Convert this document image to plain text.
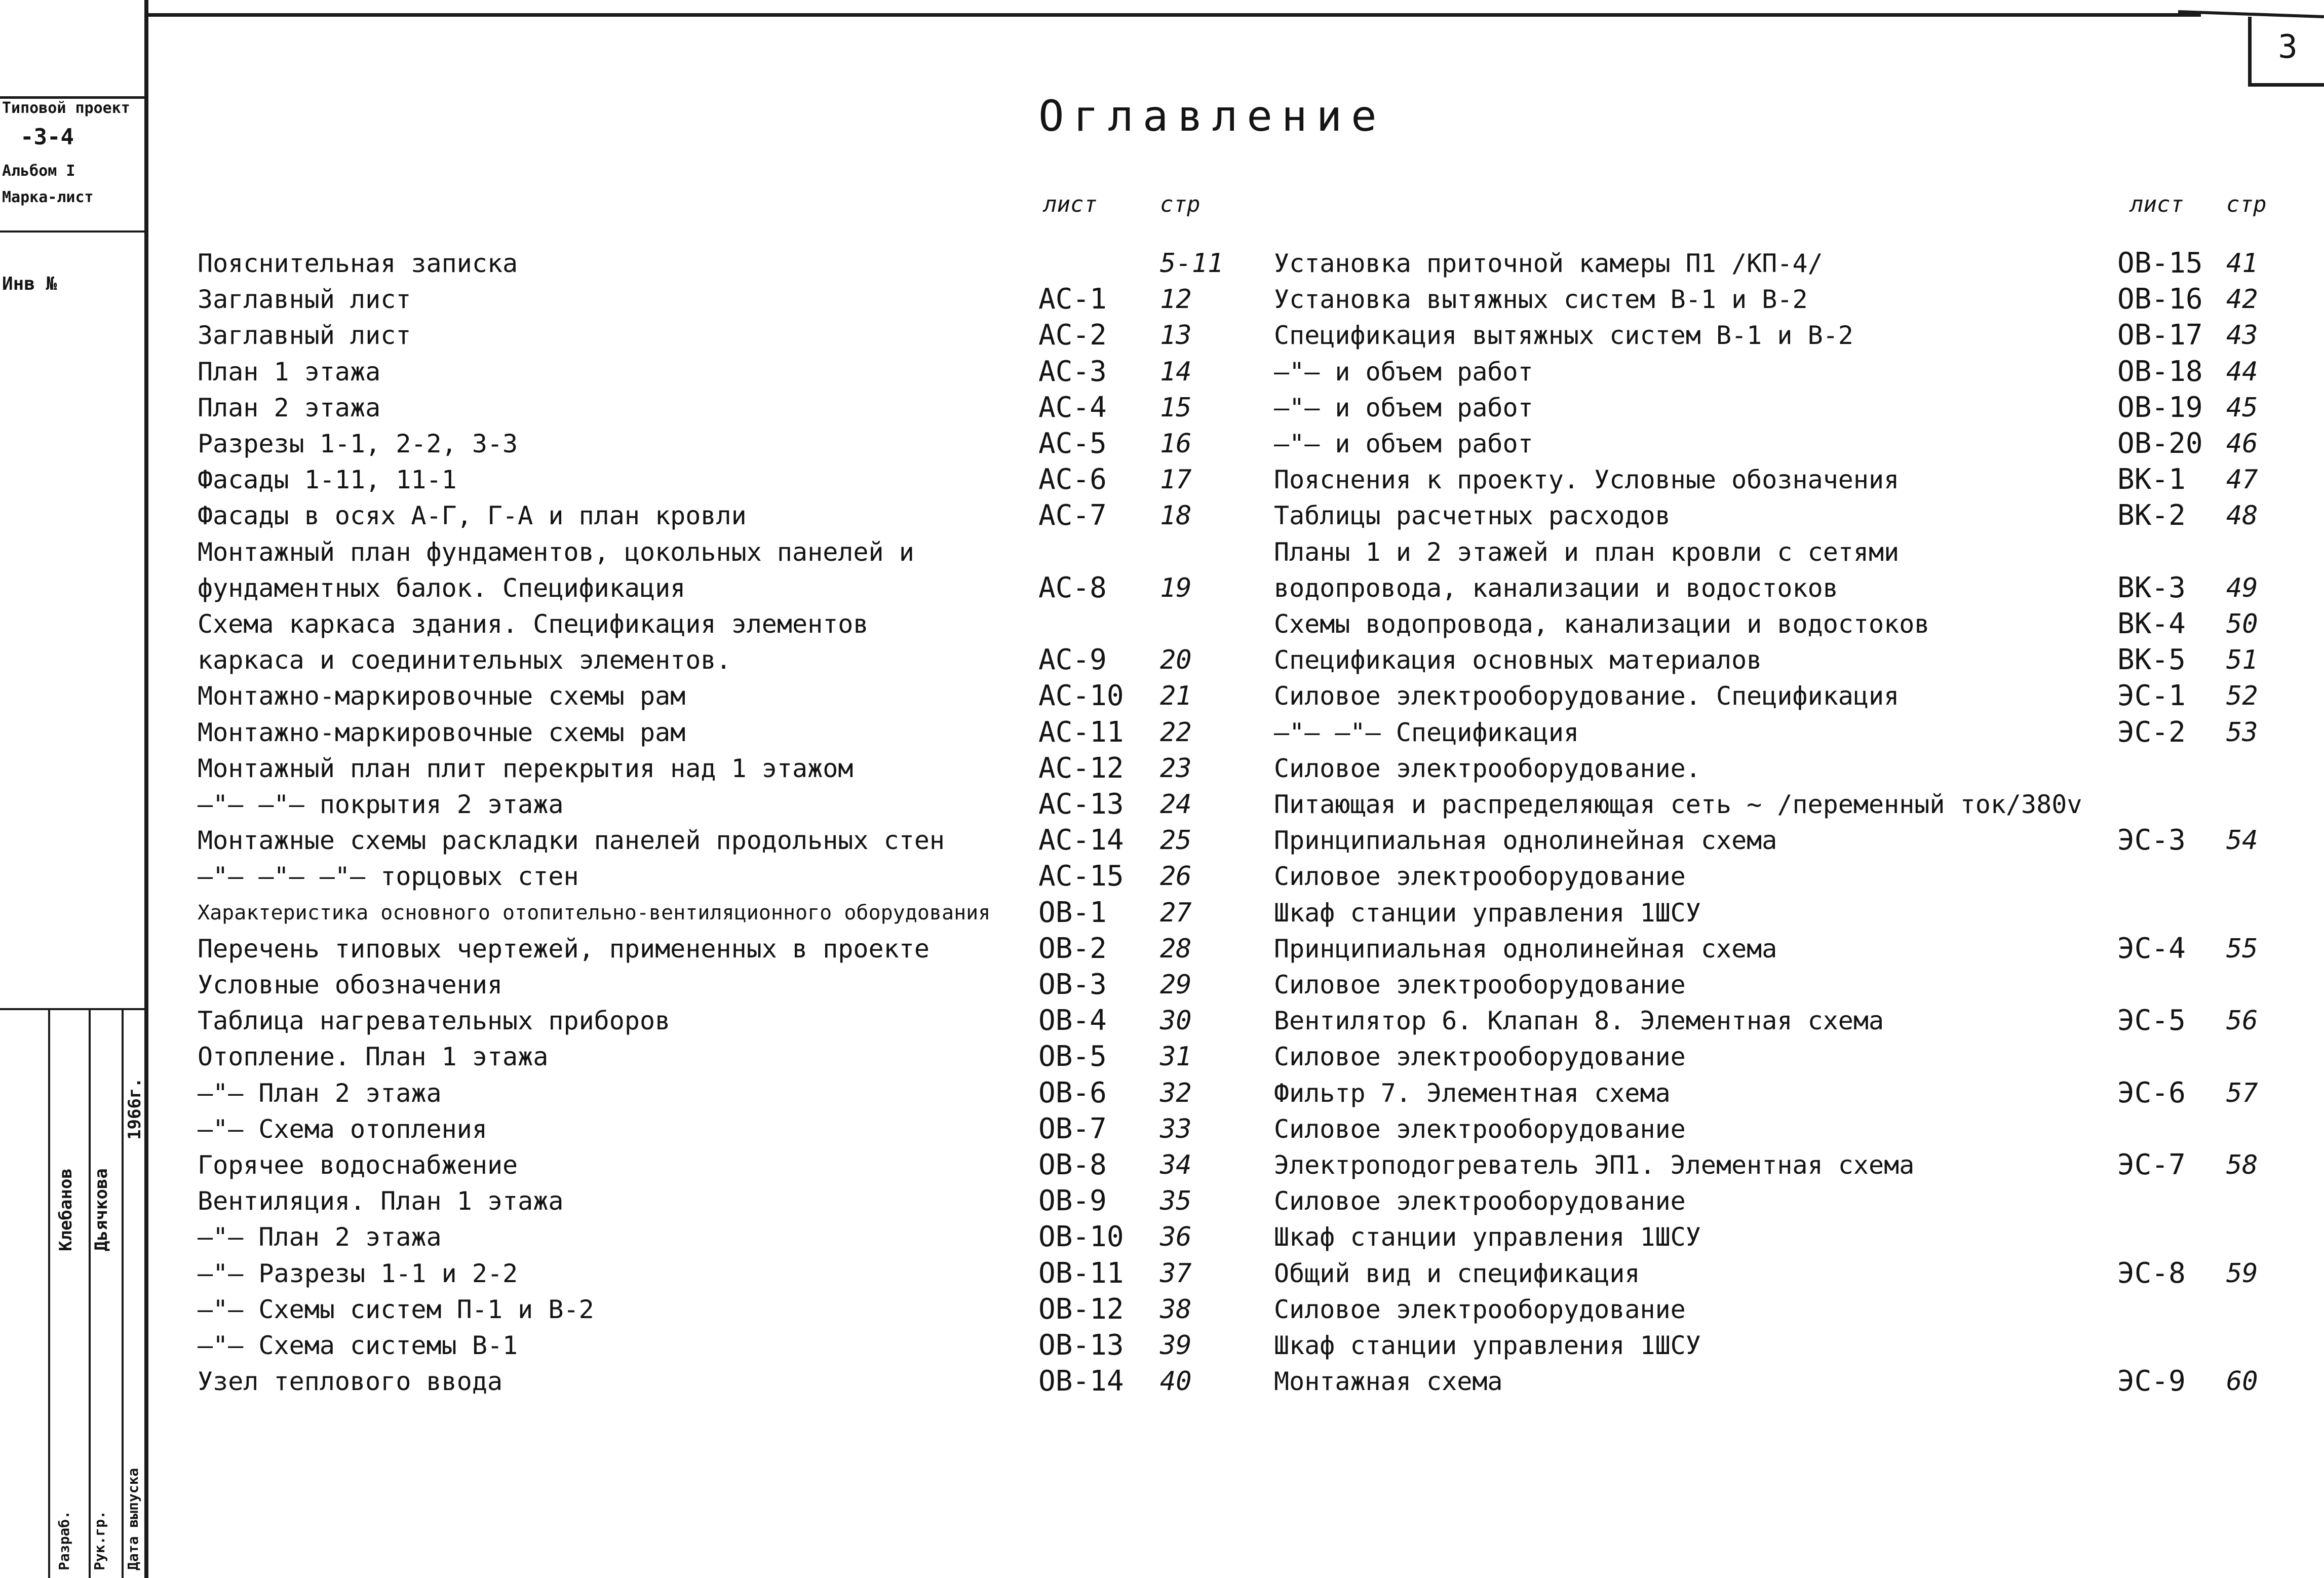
3
Типовой проект
-3-4
Альбом I
Марка-лист
Инв №
Клебанов Дьячкова
1966г.
Разраб. Рук.гр. Дата выпуска
Оглавление
лист	стр	лист стр
Пояснительная записка	5-11
Заглавный лист	АС-1 12
Заглавный лист	АС-2 13
План 1 этажа	АС-3 14
План 2 этажа	АС-4 15
Разрезы 1-1, 2-2, 3-3	АС-5 16
Фасады 1-11, 11-1	АС-6 17
Фасады в осях А-Г, Г-А и план кровли	АС-7 18
Монтажный план фундаментов, цокольных панелей и
фундаментных балок. Спецификация	АС-8 19
Схема каркаса здания. Спецификация элементов
каркаса и соединительных элементов.	АС-9 20
Монтажно-маркировочные схемы рам	АС-10 21
Монтажно-маркировочные схемы рам	АС-11 22
Монтажный план плит перекрытия над 1 этажом	АС-12 23
—"— —"— покрытия 2 этажа	АС-13 24
Монтажные схемы раскладки панелей продольных стен	АС-14 25
—"— —"— —"— торцовых стен	АС-15 26
Характеристика основного отопительно-вентиляционного оборудования ОВ-1 27
Перечень типовых чертежей, примененных в проекте	ОВ-2 28
Условные обозначения	ОВ-3 29
Таблица нагревательных приборов	ОВ-4 30
Отопление. План 1 этажа	ОВ-5 31
—"— План 2 этажа	ОВ-6 32
—"— Схема отопления	ОВ-7 33
Горячее водоснабжение	ОВ-8 34
Вентиляция. План 1 этажа	ОВ-9 35
—"— План 2 этажа	ОВ-10 36
—"— Разрезы 1-1 и 2-2	ОВ-11 37
—"— Схемы систем П-1 и В-2	ОВ-12 38
—"— Схема системы В-1	ОВ-13 39
Узел теплового ввода	ОВ-14 40
Установка приточной камеры П1 /КП-4/	ОВ-15 41
Установка вытяжных систем В-1 и В-2	ОВ-16 42
Спецификация вытяжных систем В-1 и В-2	ОВ-17 43
—"— и объем работ	ОВ-18 44
—"— и объем работ	ОВ-19 45
—"— и объем работ	ОВ-20 46
Пояснения к проекту. Условные обозначения	ВК-1 47
Таблицы расчетных расходов	ВК-2 48
Планы 1 и 2 этажей и план кровли с сетями
водопровода, канализации и водостоков	ВК-3 49
Схемы водопровода, канализации и водостоков	ВК-4 50
Спецификация основных материалов	ВК-5 51
Силовое электрооборудование. Спецификация	ЭС-1 52
—"— —"— Спецификация	ЭС-2 53
Силовое электрооборудование.
Питающая и распределяющая сеть ~ /переменный ток/380v
Принципиальная однолинейная схема	ЭС-3 54
Силовое электрооборудование
Шкаф станции управления 1ШСУ
Принципиальная однолинейная схема	ЭС-4 55
Силовое электрооборудование
Вентилятор 6. Клапан 8. Элементная схема	ЭС-5 56
Силовое электрооборудование
Фильтр 7. Элементная схема	ЭС-6 57
Силовое электрооборудование
Электроподогреватель ЭП1. Элементная схема	ЭС-7 58
Силовое электрооборудование
Шкаф станции управления 1ШСУ
Общий вид и спецификация	ЭС-8 59
Силовое электрооборудование
Шкаф станции управления 1ШСУ
Монтажная схема	ЭС-9 60
